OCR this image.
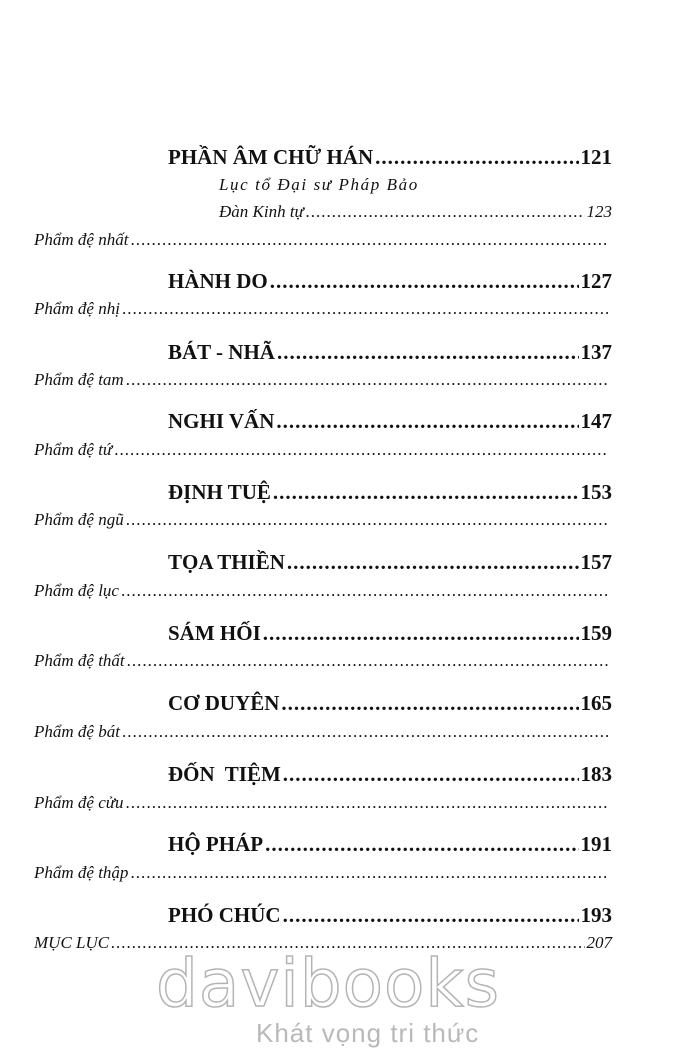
PHẦN ÂM CHỮ HÁN .....	121
Lục tổ Đại sư Pháp Bảo
Đàn Kinh tự .....	123
Phẩm đệ nhất
.....
HÀNH DO .....	127
Phẩm đệ nhị
.....
BÁT - NHÃ .....	137
Phẩm đệ tam
.....
NGHI VẤN .....	147
Phẩm đệ tứ
.....
ĐỊNH TUỆ .....	153
Phẩm đệ ngũ
.....
TỌA THIỀN .....	157
Phẩm đệ lục
.....
SÁM HỐI .....	159
Phẩm đệ thất
.....
CƠ DUYÊN .....	165
Phẩm đệ bát
.....
ĐỐN  TIỆM .....	183
Phẩm đệ cửu
.....
HỘ PHÁP .....	191
Phẩm đệ thập
.....
PHÓ CHÚC .....	193
MỤC LỤC .....	207
davibooks
Khát vọng tri thức
